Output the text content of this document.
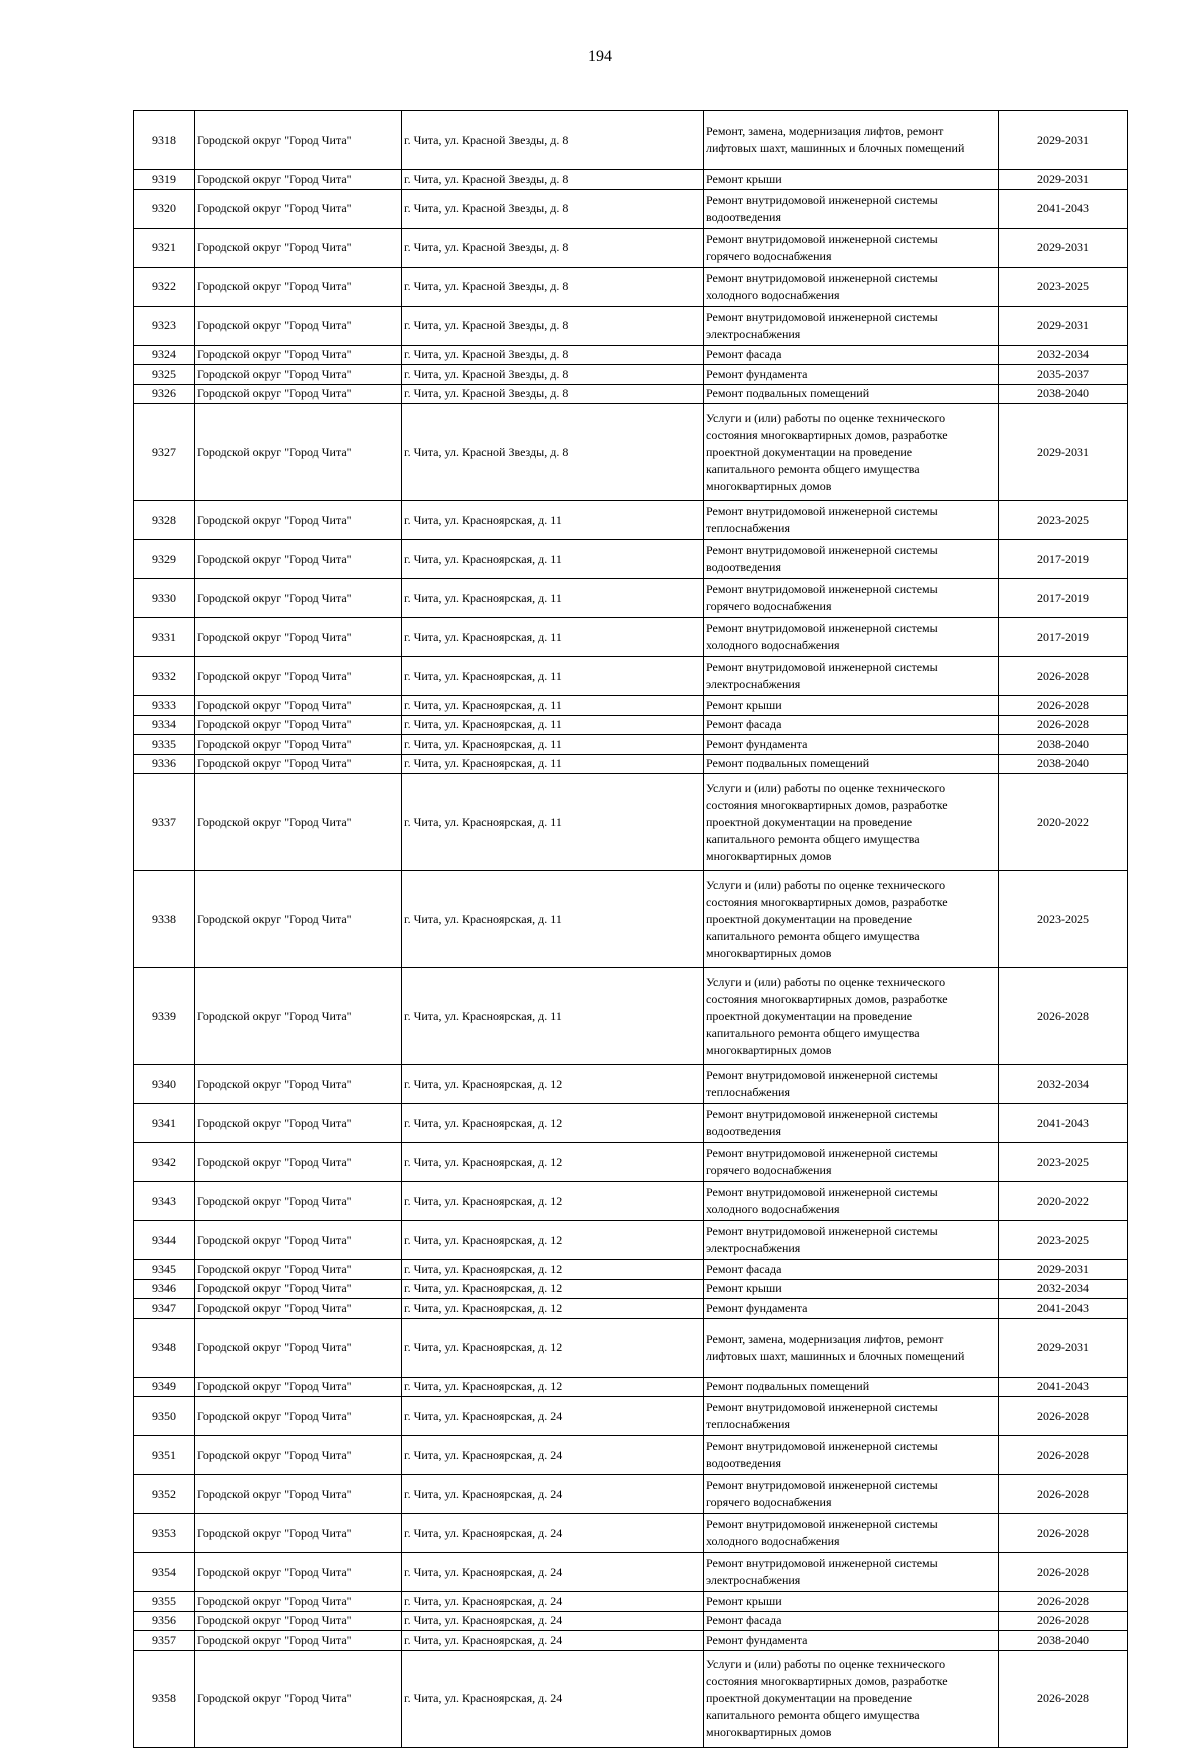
194
9318	Городской округ "Город Чита"	г. Чита, ул. Красной Звезды, д. 8	Ремонт, замена, модернизация лифтов, ремонт
лифтовых шахт, машинных и блочных помещений	2029-2031
9319	Городской округ "Город Чита"	г. Чита, ул. Красной Звезды, д. 8	Ремонт крыши	2029-2031
9320	Городской округ "Город Чита"	г. Чита, ул. Красной Звезды, д. 8	Ремонт внутридомовой инженерной системы
водоотведения	2041-2043
9321	Городской округ "Город Чита"	г. Чита, ул. Красной Звезды, д. 8	Ремонт внутридомовой инженерной системы
горячего водоснабжения	2029-2031
9322	Городской округ "Город Чита"	г. Чита, ул. Красной Звезды, д. 8	Ремонт внутридомовой инженерной системы
холодного водоснабжения	2023-2025
9323	Городской округ "Город Чита"	г. Чита, ул. Красной Звезды, д. 8	Ремонт внутридомовой инженерной системы
электроснабжения	2029-2031
9324	Городской округ "Город Чита"	г. Чита, ул. Красной Звезды, д. 8	Ремонт фасада	2032-2034
9325	Городской округ "Город Чита"	г. Чита, ул. Красной Звезды, д. 8	Ремонт фундамента	2035-2037
9326	Городской округ "Город Чита"	г. Чита, ул. Красной Звезды, д. 8	Ремонт подвальных помещений	2038-2040
9327	Городской округ "Город Чита"	г. Чита, ул. Красной Звезды, д. 8	Услуги и (или) работы по оценке технического
состояния многоквартирных домов, разработке
проектной документации на проведение
капитального ремонта общего имущества
многоквартирных домов	2029-2031
9328	Городской округ "Город Чита"	г. Чита, ул. Красноярская, д. 11	Ремонт внутридомовой инженерной системы
теплоснабжения	2023-2025
9329	Городской округ "Город Чита"	г. Чита, ул. Красноярская, д. 11	Ремонт внутридомовой инженерной системы
водоотведения	2017-2019
9330	Городской округ "Город Чита"	г. Чита, ул. Красноярская, д. 11	Ремонт внутридомовой инженерной системы
горячего водоснабжения	2017-2019
9331	Городской округ "Город Чита"	г. Чита, ул. Красноярская, д. 11	Ремонт внутридомовой инженерной системы
холодного водоснабжения	2017-2019
9332	Городской округ "Город Чита"	г. Чита, ул. Красноярская, д. 11	Ремонт внутридомовой инженерной системы
электроснабжения	2026-2028
9333	Городской округ "Город Чита"	г. Чита, ул. Красноярская, д. 11	Ремонт крыши	2026-2028
9334	Городской округ "Город Чита"	г. Чита, ул. Красноярская, д. 11	Ремонт фасада	2026-2028
9335	Городской округ "Город Чита"	г. Чита, ул. Красноярская, д. 11	Ремонт фундамента	2038-2040
9336	Городской округ "Город Чита"	г. Чита, ул. Красноярская, д. 11	Ремонт подвальных помещений	2038-2040
9337	Городской округ "Город Чита"	г. Чита, ул. Красноярская, д. 11	Услуги и (или) работы по оценке технического
состояния многоквартирных домов, разработке
проектной документации на проведение
капитального ремонта общего имущества
многоквартирных домов	2020-2022
9338	Городской округ "Город Чита"	г. Чита, ул. Красноярская, д. 11	Услуги и (или) работы по оценке технического
состояния многоквартирных домов, разработке
проектной документации на проведение
капитального ремонта общего имущества
многоквартирных домов	2023-2025
9339	Городской округ "Город Чита"	г. Чита, ул. Красноярская, д. 11	Услуги и (или) работы по оценке технического
состояния многоквартирных домов, разработке
проектной документации на проведение
капитального ремонта общего имущества
многоквартирных домов	2026-2028
9340	Городской округ "Город Чита"	г. Чита, ул. Красноярская, д. 12	Ремонт внутридомовой инженерной системы
теплоснабжения	2032-2034
9341	Городской округ "Город Чита"	г. Чита, ул. Красноярская, д. 12	Ремонт внутридомовой инженерной системы
водоотведения	2041-2043
9342	Городской округ "Город Чита"	г. Чита, ул. Красноярская, д. 12	Ремонт внутридомовой инженерной системы
горячего водоснабжения	2023-2025
9343	Городской округ "Город Чита"	г. Чита, ул. Красноярская, д. 12	Ремонт внутридомовой инженерной системы
холодного водоснабжения	2020-2022
9344	Городской округ "Город Чита"	г. Чита, ул. Красноярская, д. 12	Ремонт внутридомовой инженерной системы
электроснабжения	2023-2025
9345	Городской округ "Город Чита"	г. Чита, ул. Красноярская, д. 12	Ремонт фасада	2029-2031
9346	Городской округ "Город Чита"	г. Чита, ул. Красноярская, д. 12	Ремонт крыши	2032-2034
9347	Городской округ "Город Чита"	г. Чита, ул. Красноярская, д. 12	Ремонт фундамента	2041-2043
9348	Городской округ "Город Чита"	г. Чита, ул. Красноярская, д. 12	Ремонт, замена, модернизация лифтов, ремонт
лифтовых шахт, машинных и блочных помещений	2029-2031
9349	Городской округ "Город Чита"	г. Чита, ул. Красноярская, д. 12	Ремонт подвальных помещений	2041-2043
9350	Городской округ "Город Чита"	г. Чита, ул. Красноярская, д. 24	Ремонт внутридомовой инженерной системы
теплоснабжения	2026-2028
9351	Городской округ "Город Чита"	г. Чита, ул. Красноярская, д. 24	Ремонт внутридомовой инженерной системы
водоотведения	2026-2028
9352	Городской округ "Город Чита"	г. Чита, ул. Красноярская, д. 24	Ремонт внутридомовой инженерной системы
горячего водоснабжения	2026-2028
9353	Городской округ "Город Чита"	г. Чита, ул. Красноярская, д. 24	Ремонт внутридомовой инженерной системы
холодного водоснабжения	2026-2028
9354	Городской округ "Город Чита"	г. Чита, ул. Красноярская, д. 24	Ремонт внутридомовой инженерной системы
электроснабжения	2026-2028
9355	Городской округ "Город Чита"	г. Чита, ул. Красноярская, д. 24	Ремонт крыши	2026-2028
9356	Городской округ "Город Чита"	г. Чита, ул. Красноярская, д. 24	Ремонт фасада	2026-2028
9357	Городской округ "Город Чита"	г. Чита, ул. Красноярская, д. 24	Ремонт фундамента	2038-2040
9358	Городской округ "Город Чита"	г. Чита, ул. Красноярская, д. 24	Услуги и (или) работы по оценке технического
состояния многоквартирных домов, разработке
проектной документации на проведение
капитального ремонта общего имущества
многоквартирных домов	2026-2028
